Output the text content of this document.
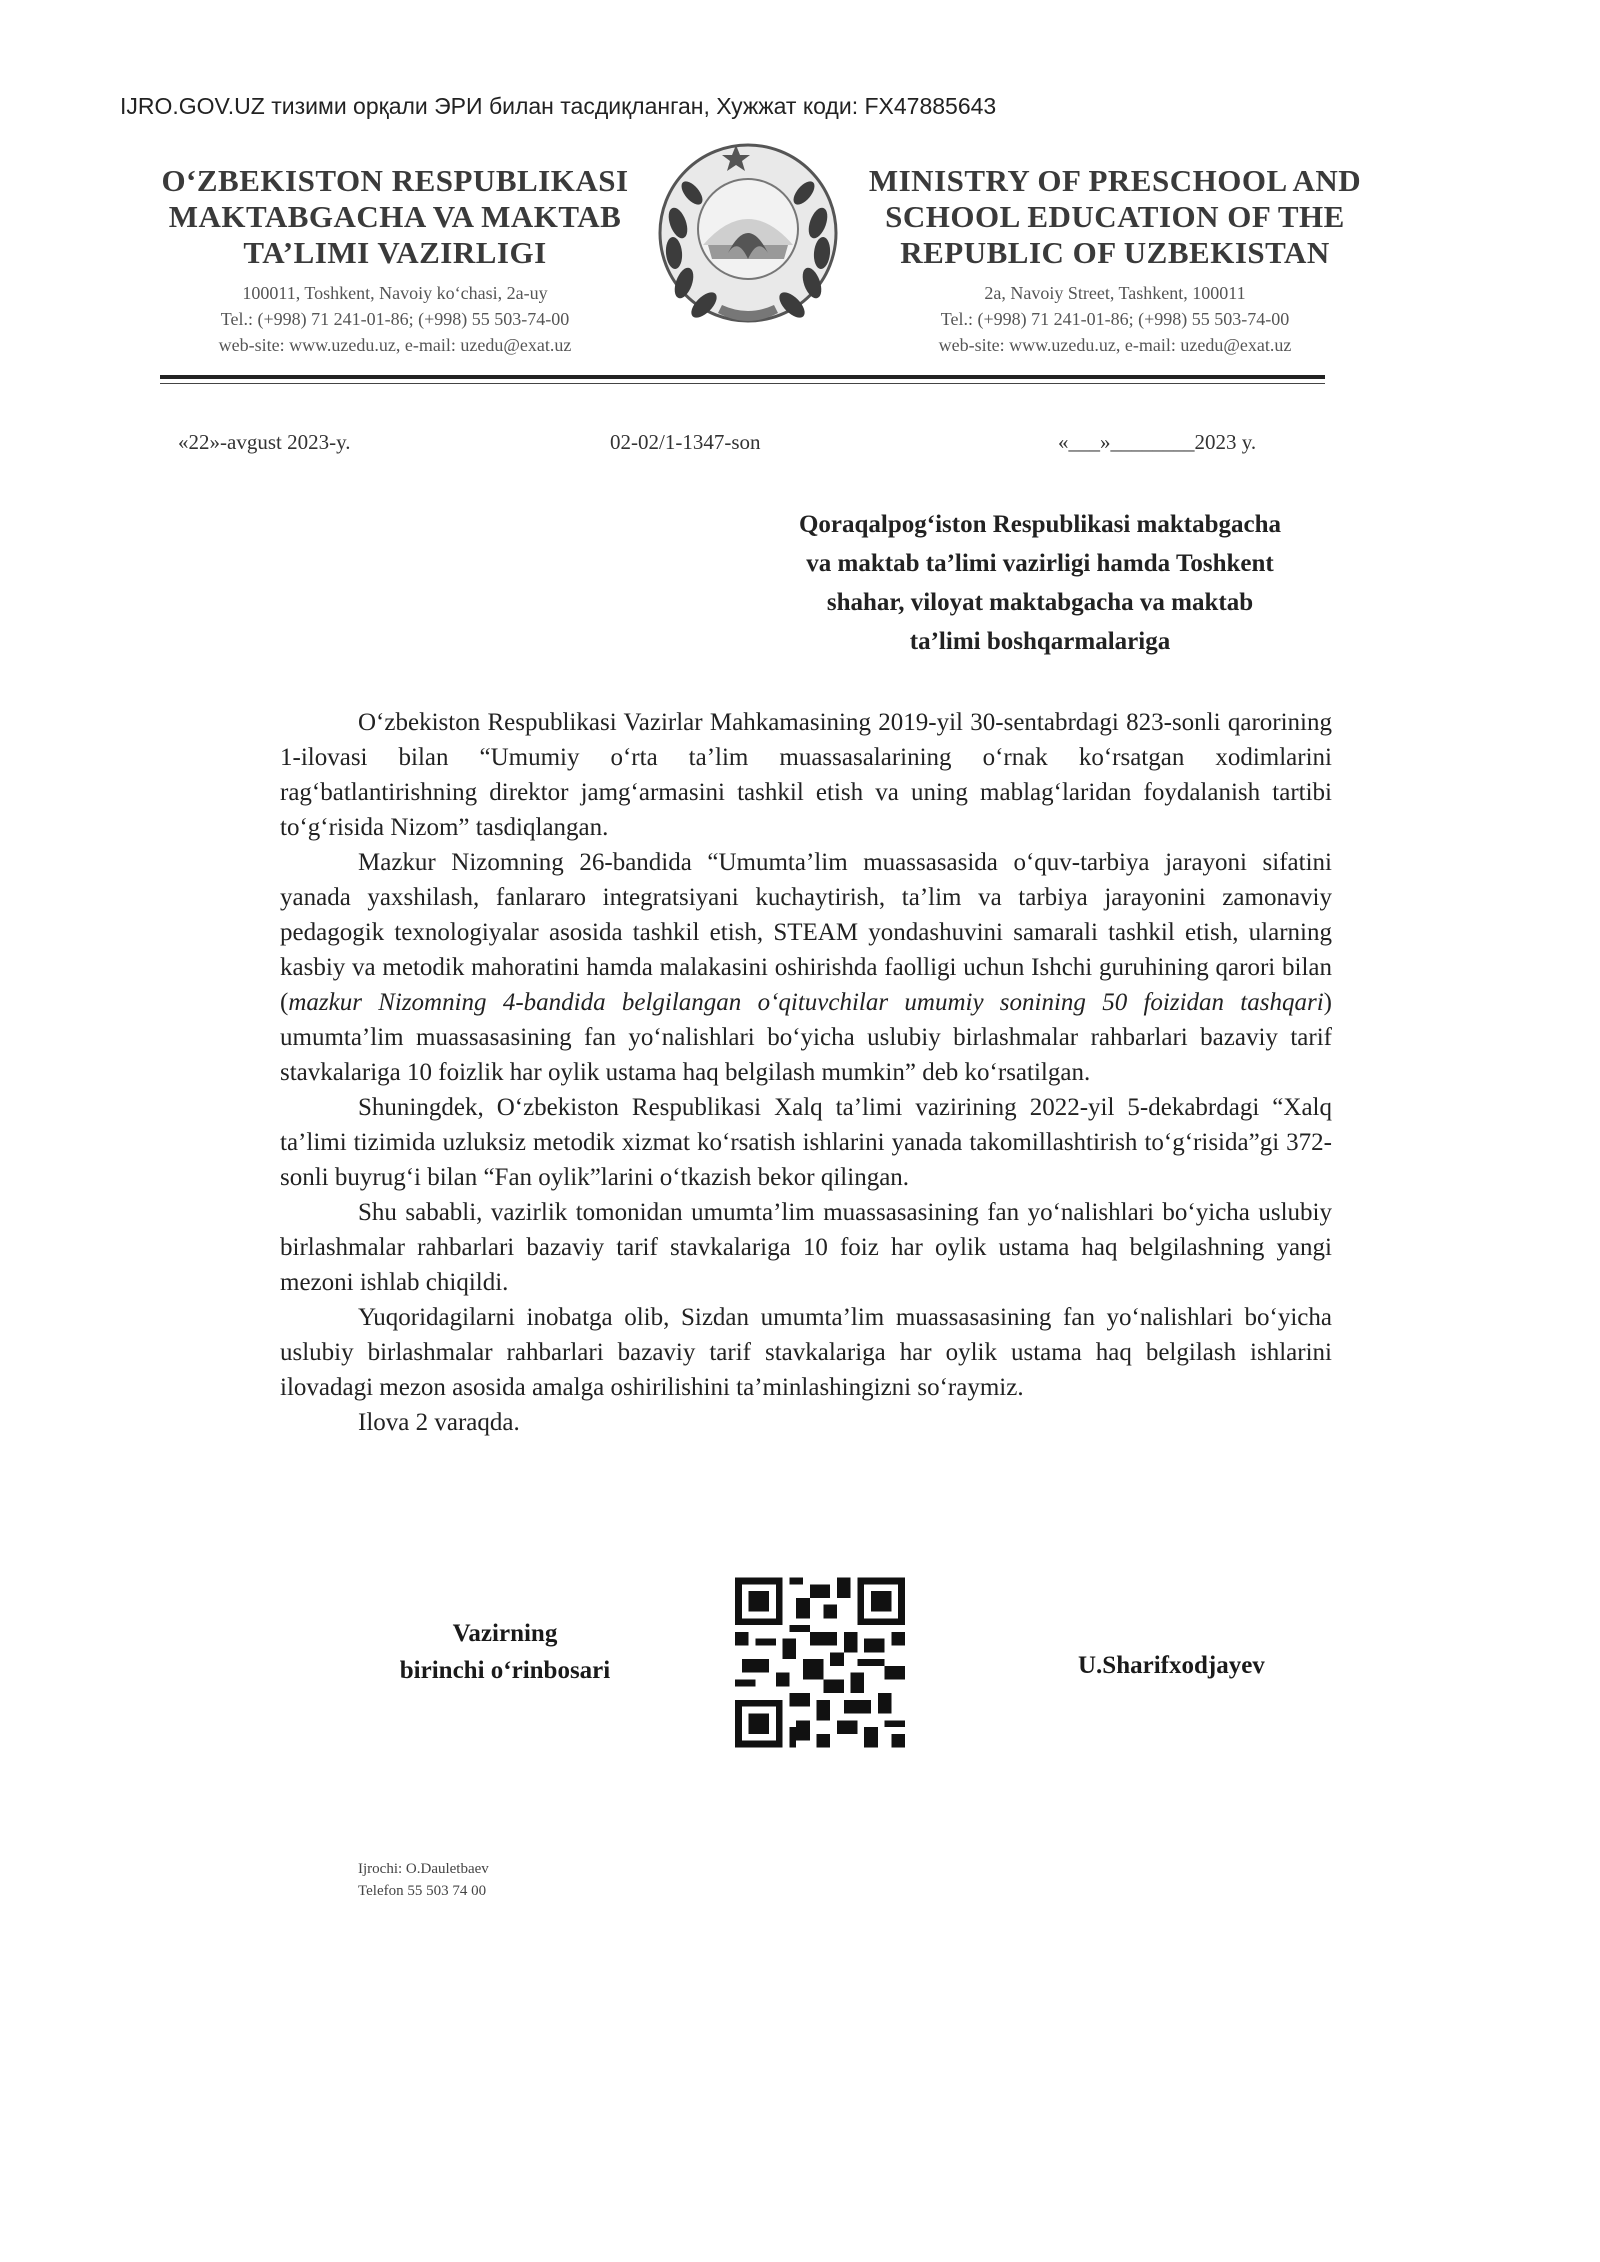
IJRO.GOV.UZ тизими орқали ЭРИ билан тасдиқланган, Хужжат коди: FX47885643
O‘ZBEKISTON RESPUBLIKASI
MAKTABGACHA VA MAKTAB
TA’LIMI VAZIRLIGI
100011, Toshkent, Navoiy ko‘chasi, 2a-uy
Tel.: (+998) 71 241-01-86; (+998) 55 503-74-00
web-site: www.uzedu.uz, e-mail: uzedu@exat.uz
MINISTRY OF PRESCHOOL AND
SCHOOL EDUCATION OF THE
REPUBLIC OF UZBEKISTAN
2a, Navoiy Street, Tashkent, 100011
Tel.: (+998) 71 241-01-86; (+998) 55 503-74-00
web-site: www.uzedu.uz, e-mail: uzedu@exat.uz
«22»-avgust 2023-y.	02-02/1-1347-son	«___»________2023 y.
Qoraqalpog‘iston Respublikasi maktabgacha
va maktab ta’limi vazirligi hamda Toshkent
shahar, viloyat maktabgacha va maktab
ta’limi boshqarmalariga

O‘zbekiston Respublikasi Vazirlar Mahkamasining 2019-yil 30-sentabrdagi 823-sonli qarorining 1-ilovasi bilan “Umumiy o‘rta ta’lim muassasalarining o‘rnak ko‘rsatgan xodimlarini rag‘batlantirishning direktor jamg‘armasini tashkil etish va uning mablag‘laridan foydalanish tartibi to‘g‘risida Nizom” tasdiqlangan.

Mazkur Nizomning 26-bandida “Umumta’lim muassasasida o‘quv-tarbiya jarayoni sifatini yanada yaxshilash, fanlararo integratsiyani kuchaytirish, ta’lim va tarbiya jarayonini zamonaviy pedagogik texnologiyalar asosida tashkil etish, STEAM yondashuvini samarali tashkil etish, ularning kasbiy va metodik mahoratini hamda malakasini oshirishda faolligi uchun Ishchi guruhining qarori bilan (mazkur Nizomning 4-bandida belgilangan o‘qituvchilar umumiy sonining 50 foizidan tashqari) umumta’lim muassasasining fan yo‘nalishlari bo‘yicha uslubiy birlashmalar rahbarlari bazaviy tarif stavkalariga 10 foizlik har oylik ustama haq belgilash mumkin” deb ko‘rsatilgan.

Shuningdek, O‘zbekiston Respublikasi Xalq ta’limi vazirining 2022-yil 5-dekabrdagi “Xalq ta’limi tizimida uzluksiz metodik xizmat ko‘rsatish ishlarini yanada takomillashtirish to‘g‘risida”gi 372-sonli buyrug‘i bilan “Fan oylik”larini o‘tkazish bekor qilingan.

Shu sababli, vazirlik tomonidan umumta’lim muassasasining fan yo‘nalishlari bo‘yicha uslubiy birlashmalar rahbarlari bazaviy tarif stavkalariga 10 foiz har oylik ustama haq belgilashning yangi mezoni ishlab chiqildi.

Yuqoridagilarni inobatga olib, Sizdan umumta’lim muassasasining fan yo‘nalishlari bo‘yicha uslubiy birlashmalar rahbarlari bazaviy tarif stavkalariga har oylik ustama haq belgilash ishlarini ilovadagi mezon asosida amalga oshirilishini ta’minlashingizni so‘raymiz.

Ilova 2 varaqda.

Vazirning
birinchi o‘rinbosari	U.Sharifxodjayev
Ijrochi: O.Dauletbaev
Telefon 55 503 74 00
